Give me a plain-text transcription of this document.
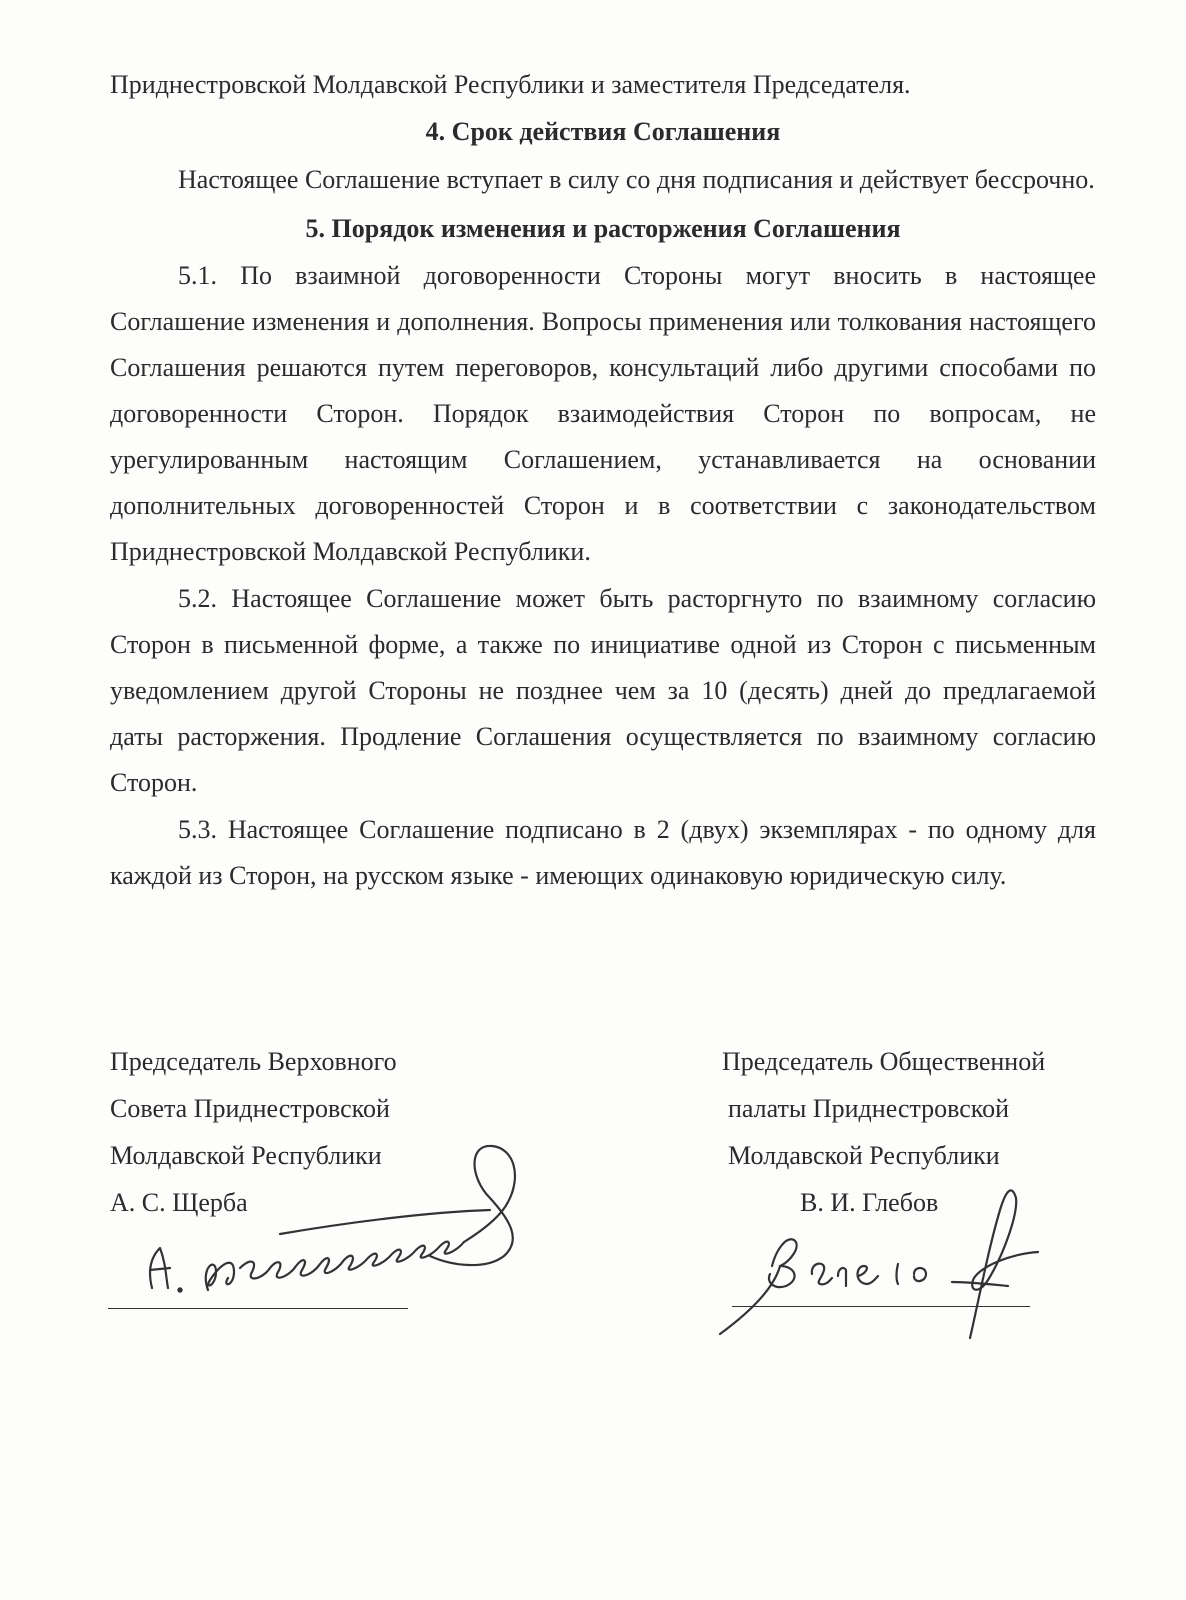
Приднестровской Молдавской Республики и заместителя Председателя.

4. Срок действия Соглашения

Настоящее Соглашение вступает в силу со дня подписания и действует бессрочно.

5. Порядок изменения и расторжения Соглашения

5.1. По взаимной договоренности Стороны могут вносить в настоящее Соглашение изменения и дополнения. Вопросы применения или толкования настоящего Соглашения решаются путем переговоров, консультаций либо другими способами по договоренности Сторон. Порядок взаимодействия Сторон по вопросам, не урегулированным настоящим Соглашением, устанавливается на основании дополнительных договоренностей Сторон и в соответствии с законодательством Приднестровской Молдавской Республики.

5.2. Настоящее Соглашение может быть расторгнуто по взаимному согласию Сторон в письменной форме, а также по инициативе одной из Сторон с письменным уведомлением другой Стороны не позднее чем за 10 (десять) дней до предлагаемой даты расторжения. Продление Соглашения осуществляется по взаимному согласию Сторон.

5.3. Настоящее Соглашение подписано в 2 (двух) экземплярах - по одному для каждой из Сторон, на русском языке - имеющих одинаковую юридическую силу.

Председатель Верховного
Совета Приднестровской
Молдавской Республики
А. С. Щерба
Председатель Общественной
палаты Приднестровской
Молдавской Республики
В. И. Глебов
